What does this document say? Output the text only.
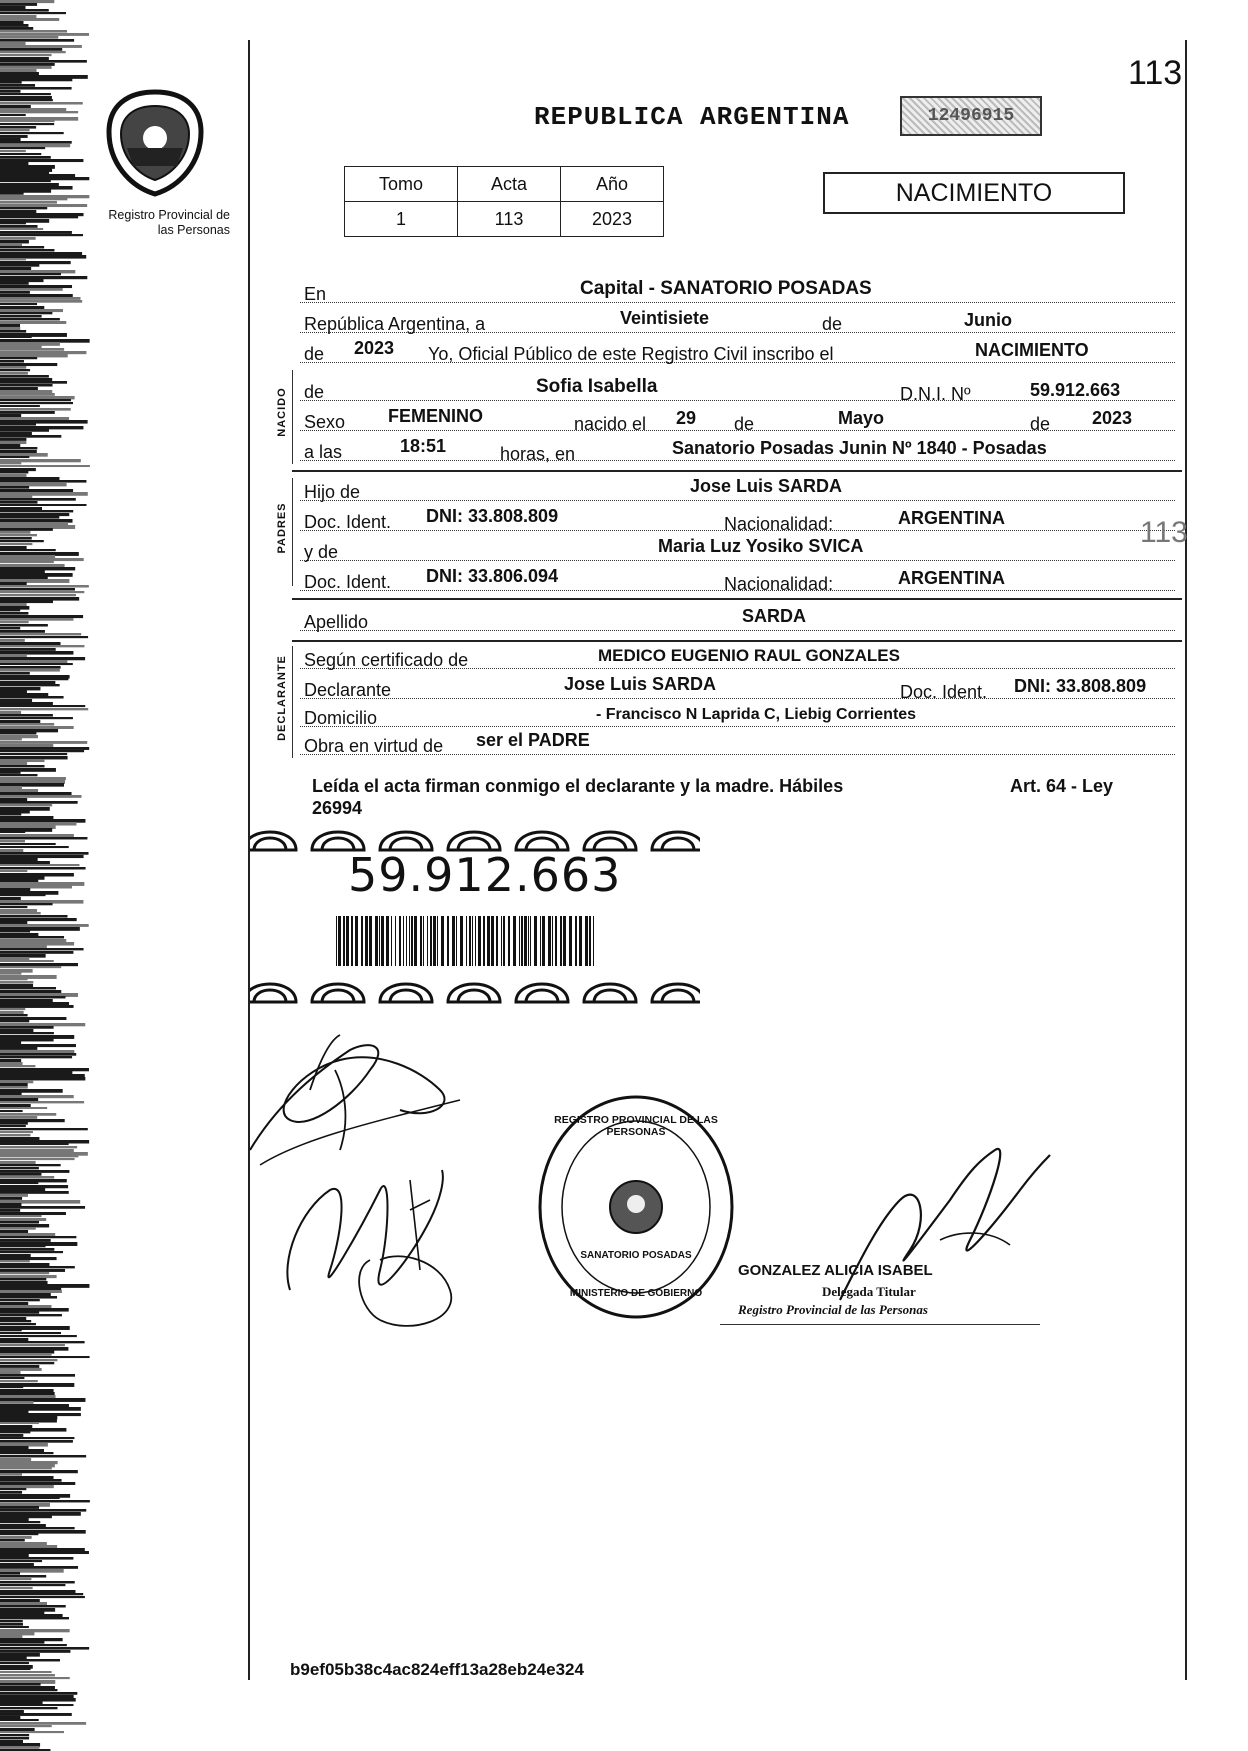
113
Registro Provincial de las Personas
REPUBLICA ARGENTINA	12496915
Tomo	Acta	Año
1	113	2023
NACIMIENTO
En	Capital - SANATORIO POSADAS
República Argentina, a	Veintisiete	de	Junio
de 2023 Yo, Oficial Público de este Registro Civil inscribo el	NACIMIENTO
NACIDO de	Sofia Isabella	D.N.I. Nº	59.912.663
Sexo FEMENINO	nacido el 29 de	Mayo	de 2023
a las	18:51	horas, en	Sanatorio Posadas Junin Nº 1840 - Posadas
PADRES
Hijo de	Jose Luis SARDA
Doc. Ident. DNI: 33.808.809	Nacionalidad:	ARGENTINA	113
y de	Maria Luz Yosiko SVICA
Doc. Ident. DNI: 33.806.094	Nacionalidad:	ARGENTINA
Apellido	SARDA
DECLARANTE Según certificado de	MEDICO EUGENIO RAUL GONZALES
Declarante	Jose Luis SARDA	Doc. Ident. DNI: 33.808.809
Domicilio	- Francisco N Laprida C, Liebig Corrientes
Obra en virtud de ser el PADRE
Leída el acta firman conmigo el declarante y la madre. Hábiles	Art. 64 - Ley
26994
59.912.663
REGISTRO PROVINCIAL DE LAS PERSONAS
SANATORIO POSADAS
MINISTERIO DE GOBIERNO
GONZALEZ ALICIA ISABEL
Delegada Titular
Registro Provincial de las Personas
b9ef05b38c4ac824eff13a28eb24e324
